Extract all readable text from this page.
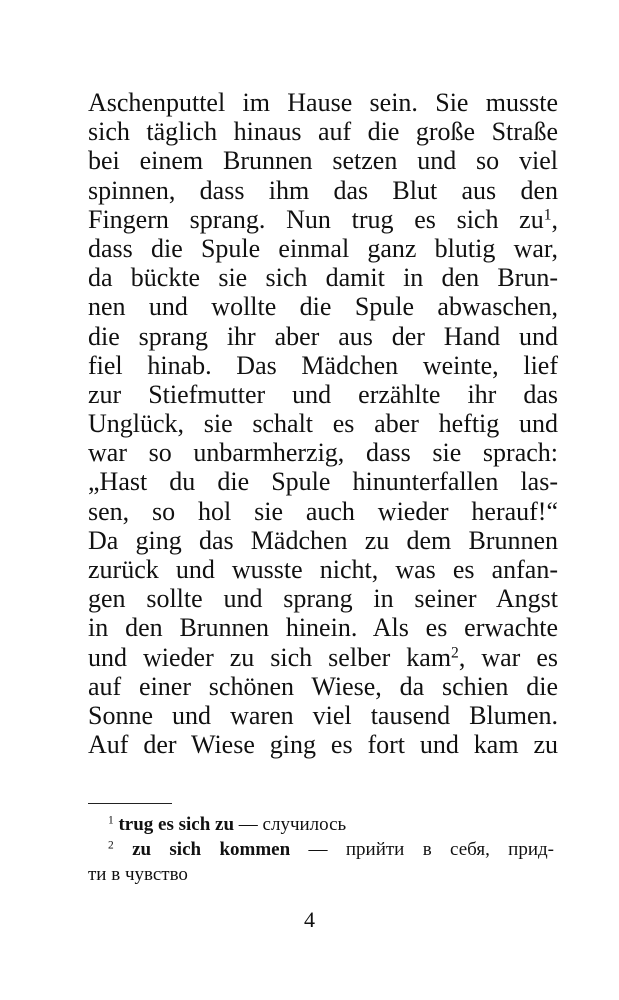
Aschenputtel im Hause sein. Sie musste
sich täglich hinaus auf die große Straße
bei einem Brunnen setzen und so viel
spinnen, dass ihm das Blut aus den
Fingern sprang. Nun trug es sich $zu^1$,
dass die Spule einmal ganz blutig war,
da bückte sie sich damit in den Brun-
nen und wollte die Spule abwaschen,
die sprang ihr aber aus der Hand und
fiel hinab. Das Mädchen weinte, lief
zur Stiefmutter und erzählte ihr das
Unglück, sie schalt es aber heftig und
war so unbarmherzig, dass sie sprach:
„Hast du die Spule hinunterfallen las-
sen, so hol sie auch wieder herauf!“
Da ging das Mädchen zu dem Brunnen
zurück und wusste nicht, was es anfan-
gen sollte und sprang in seiner Angst
in den Brunnen hinein. Als es erwachte
und wieder zu sich selber kam$^2$, war es
auf einer schönen Wiese, da schien die
Sonne und waren viel tausend Blumen.
Auf der Wiese ging es fort und kam zu
$^1$ trug es sich zu — случилось
$^2$ zu sich kommen — прийти в себя, прид-
ти в чувство
4
